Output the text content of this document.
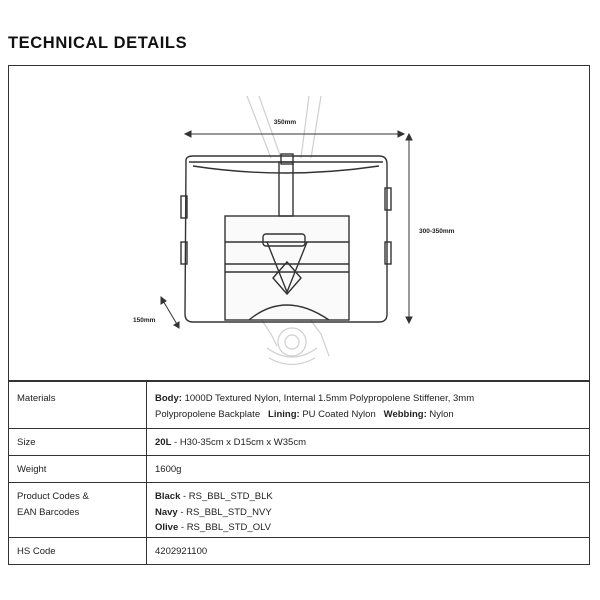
TECHNICAL DETAILS
350mm
300-350mm
150mm
Materials	Body: 1000D Textured Nylon, Internal 1.5mm Polypropolene Stiffener, 3mm
Polypropolene Backplate Lining: PU Coated Nylon Webbing: Nylon

Size	20L - H30-35cm x D15cm x W35cm
Weight	1600g

Product Codes &
EAN Barcodes	Black - RS_BBL_STD_BLK
Navy - RS_BBL_STD_NVY
Olive - RS_BBL_STD_OLV

HS Code	4202921100
